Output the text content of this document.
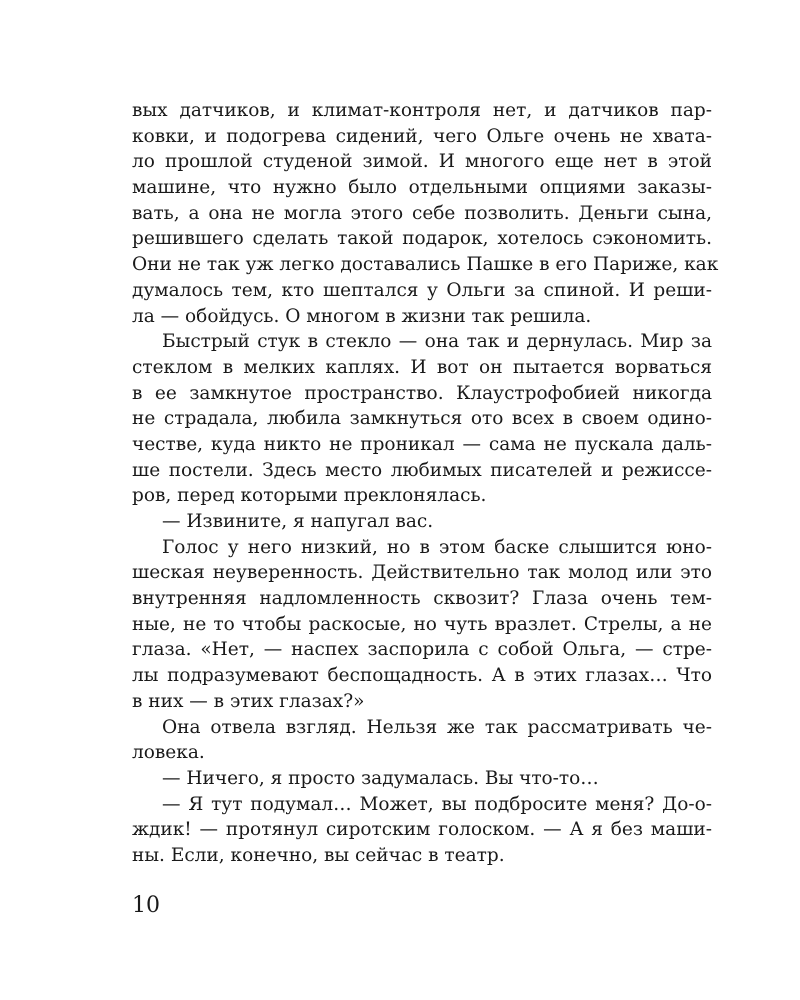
вых датчиков, и климат-контроля нет, и датчиков пар-
ковки, и подогрева сидений, чего Ольге очень не хвата-
ло прошлой студеной зимой. И многого еще нет в этой
машине, что нужно было отдельными опциями заказы-
вать, а она не могла этого себе позволить. Деньги сына,
решившего сделать такой подарок, хотелось сэкономить.
Они не так уж легко доставались Пашке в его Париже, как
думалось тем, кто шептался у Ольги за спиной. И реши-
ла — обойдусь. О многом в жизни так решила.
Быстрый стук в стекло — она так и дернулась. Мир за
стеклом в мелких каплях. И вот он пытается ворваться
в ее замкнутое пространство. Клаустрофобией никогда
не страдала, любила замкнуться ото всех в своем одино-
честве, куда никто не проникал — сама не пускала даль-
ше постели. Здесь место любимых писателей и режиссе-
ров, перед которыми преклонялась.
— Извините, я напугал вас.
Голос у него низкий, но в этом баске слышится юно-
шеская неуверенность. Действительно так молод или это
внутренняя надломленность сквозит? Глаза очень тем-
ные, не то чтобы раскосые, но чуть вразлет. Стрелы, а не
глаза. «Нет, — наспех заспорила с собой Ольга, — стре-
лы подразумевают беспощадность. А в этих глазах… Что
в них — в этих глазах?»
Она отвела взгляд. Нельзя же так рассматривать че-
ловека.
— Ничего, я просто задумалась. Вы что-то…
— Я тут подумал… Может, вы подбросите меня? До-о-
ждик! — протянул сиротским голоском. — А я без маши-
ны. Если, конечно, вы сейчас в театр.
10
